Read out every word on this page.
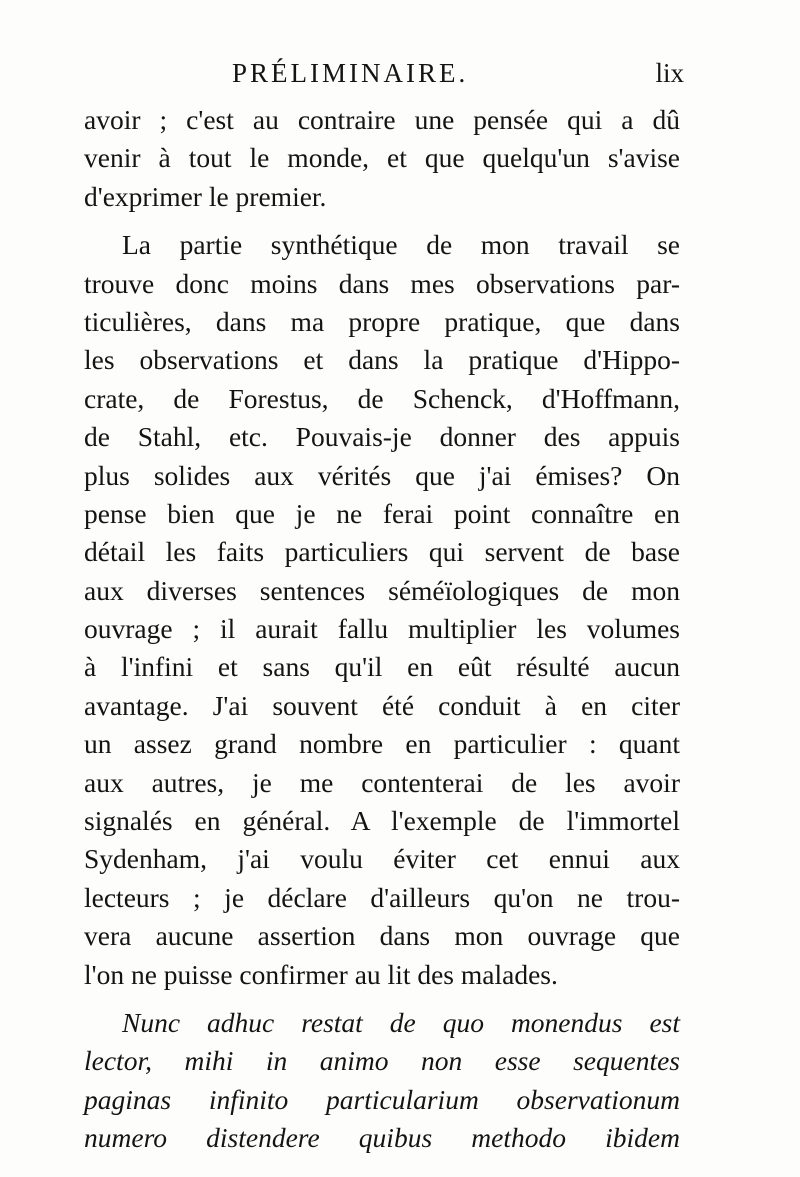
PRÉLIMINAIRE.	lix
avoir ; c'est au contraire une pensée qui a dû
venir à tout le monde, et que quelqu'un s'avise
d'exprimer le premier.
La partie synthétique de mon travail se
trouve donc moins dans mes observations par-
ticulières, dans ma propre pratique, que dans
les observations et dans la pratique d'Hippo-
crate, de Forestus, de Schenck, d'Hoffmann,
de Stahl, etc. Pouvais-je donner des appuis
plus solides aux vérités que j'ai émises? On
pense bien que je ne ferai point connaître en
détail les faits particuliers qui servent de base
aux diverses sentences séméïologiques de mon
ouvrage ; il aurait fallu multiplier les volumes
à l'infini et sans qu'il en eût résulté aucun
avantage. J'ai souvent été conduit à en citer
un assez grand nombre en particulier : quant
aux autres, je me contenterai de les avoir
signalés en général. A l'exemple de l'immortel
Sydenham, j'ai voulu éviter cet ennui aux
lecteurs ; je déclare d'ailleurs qu'on ne trou-
vera aucune assertion dans mon ouvrage que
l'on ne puisse confirmer au lit des malades.
Nunc adhuc restat de quo monendus est
lector, mihi in animo non esse sequentes
paginas infinito particularium observationum
numero distendere quibus methodo ibidem
